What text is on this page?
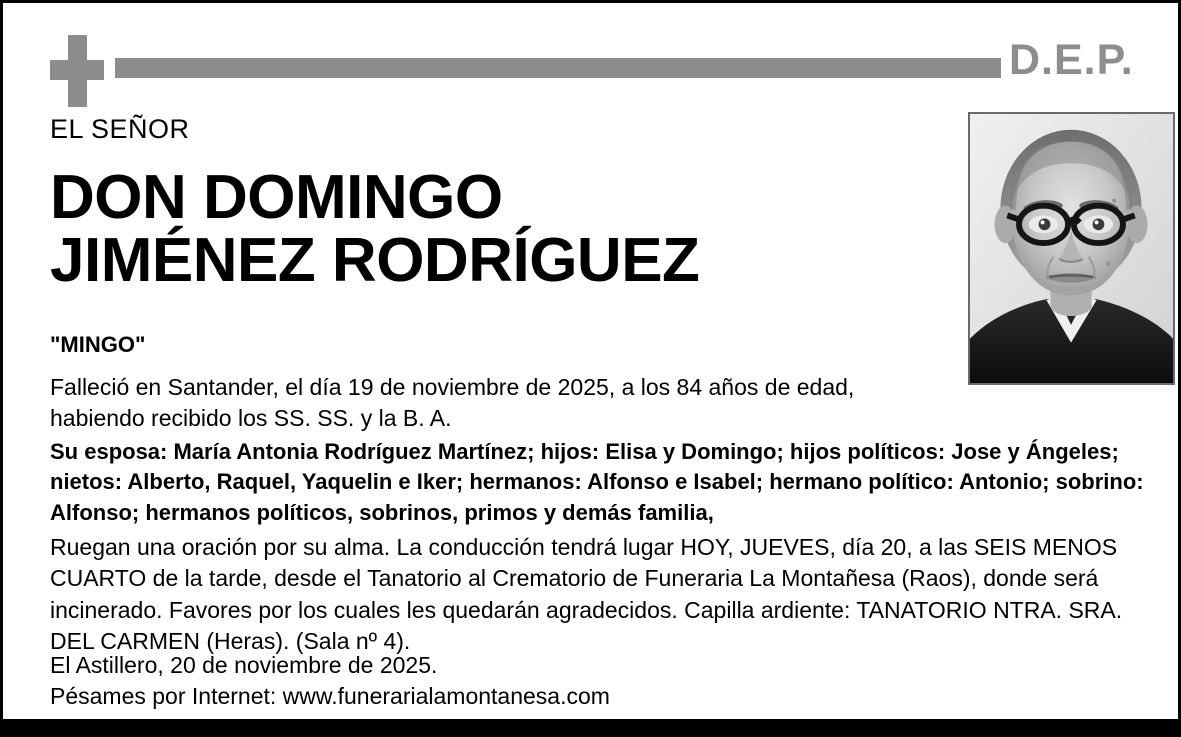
D.E.P.
EL SEÑOR
DON DOMINGO
JIMÉNEZ RODRÍGUEZ
"MINGO"
Falleció en Santander, el día 19 de noviembre de 2025, a los 84 años de edad,
habiendo recibido los SS. SS. y la B. A.
Su esposa: María Antonia Rodríguez Martínez; hijos: Elisa y Domingo; hijos políticos: Jose y Ángeles;
nietos: Alberto, Raquel, Yaquelin e Iker; hermanos: Alfonso e Isabel; hermano político: Antonio; sobrino:
Alfonso; hermanos políticos, sobrinos, primos y demás familia,
Ruegan una oración por su alma. La conducción tendrá lugar HOY, JUEVES, día 20, a las SEIS MENOS
CUARTO de la tarde, desde el Tanatorio al Crematorio de Funeraria La Montañesa (Raos), donde será
incinerado. Favores por los cuales les quedarán agradecidos. Capilla ardiente: TANATORIO NTRA. SRA.
DEL CARMEN (Heras). (Sala nº 4).
El Astillero, 20 de noviembre de 2025.
Pésames por Internet: www.funerarialamontanesa.com
